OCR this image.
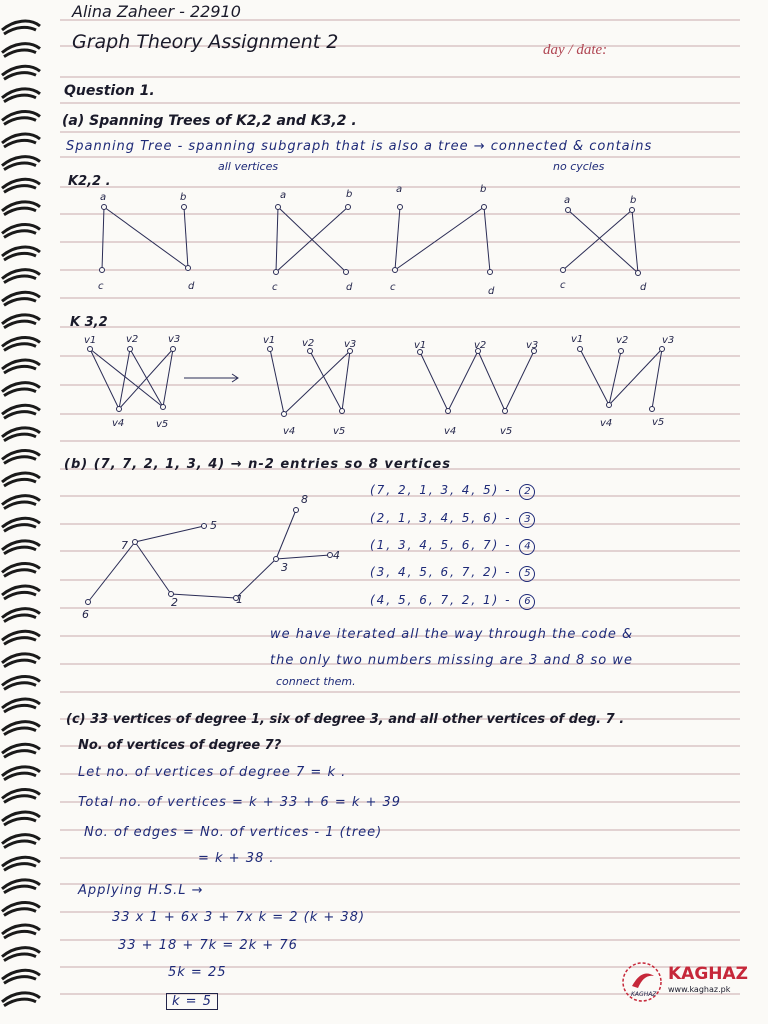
Alina Zaheer - 22910
Graph Theory Assignment 2	day / date:
Question 1.
(a) Spanning Trees of K2,2 and K3,2 .
Spanning Tree - spanning subgraph that is also a tree → connected & contains
all vertices	no cycles
K2,2 .
a	b
c	d
a	b
c	d
a	b
c	d
a	b
c	d
K 3,2
v1	v2	v3
v4	v5
v1	v2	v3
v4	v5
v1	v2	v3
v4	v5
v1	v2	v3
v4	v5
(b) (7, 7, 2, 1, 3, 4) → n-2 entries so 8 vertices
(7, 2, 1, 3, 4, 5) - 2
(2, 1, 3, 4, 5, 6) - 3
(1, 3, 4, 5, 6, 7) - 4
(3, 4, 5, 6, 7, 2) - 5
(4, 5, 6, 7, 2, 1) - 6
6
7
5
2	1
3
8
4
we have iterated all the way through the code &
the only two numbers missing are 3 and 8 so we
connect them.
(c) 33 vertices of degree 1, six of degree 3, and all other vertices of deg. 7 .
No. of vertices of degree 7?
Let no. of vertices of degree 7 = k .
Total no. of vertices = k + 33 + 6 = k + 39
No. of edges = No. of vertices - 1 (tree)
= k + 38 .
Applying H.S.L →
33 x 1 + 6x 3 + 7x k = 2 (k + 38)
33 + 18 + 7k = 2k + 76
5k = 25
k = 5	KAGHAZ
KAGHAZ
www.kaghaz.pk
